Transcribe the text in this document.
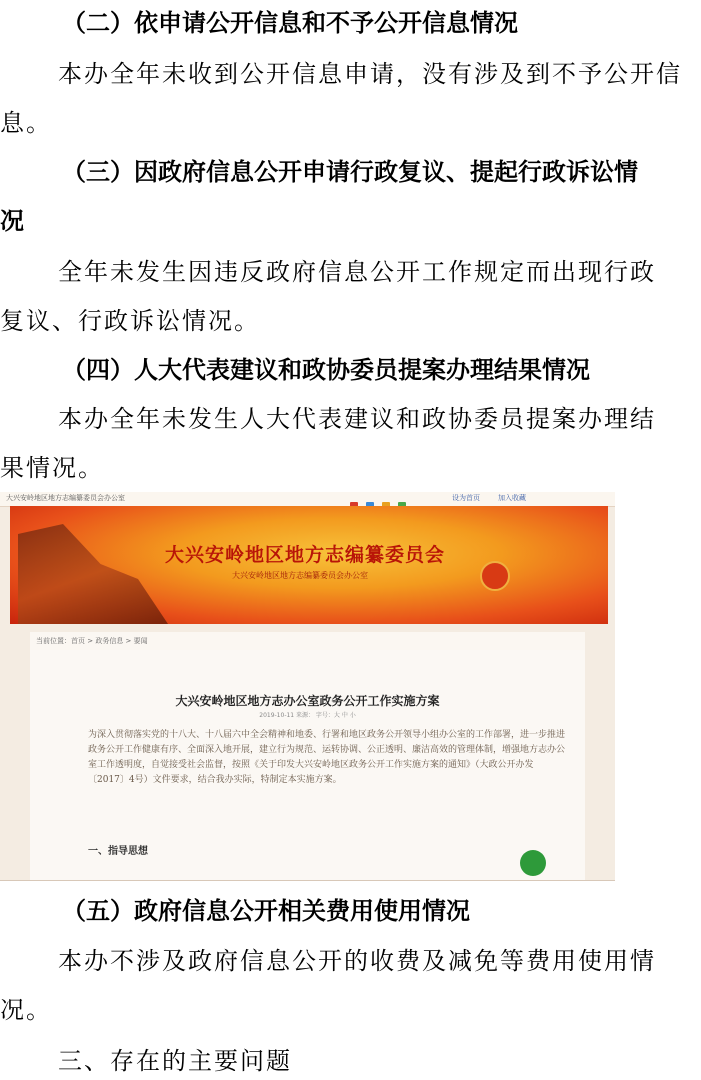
（二）依申请公开信息和不予公开信息情况
本办全年未收到公开信息申请，没有涉及到不予公开信
息。
（三）因政府信息公开申请行政复议、提起行政诉讼情
况
全年未发生因违反政府信息公开工作规定而出现行政
复议、行政诉讼情况。
（四）人大代表建议和政协委员提案办理结果情况
本办全年未发生人大代表建议和政协委员提案办理结
果情况。
大兴安岭地区地方志编纂委员会办公室
	设为首页	加入收藏
大兴安岭地区地方志编纂委员会
大兴安岭地区地方志编纂委员会办公室
当前位置：首页 > 政务信息 > 要闻
大兴安岭地区地方志办公室政务公开工作实施方案
2019-10-11 来源： 字号：大 中 小
为深入贯彻落实党的十八大、十八届六中全会精神和地委、行署和地区政务公开领导小组办公室的工作部署，进一步推进政务公开工作健康有序、全面深入地开展，建立行为规范、运转协调、公正透明、廉洁高效的管理体制，增强地方志办公室工作透明度，自觉接受社会监督，按照《关于印发大兴安岭地区政务公开工作实施方案的通知》（大政公开办发〔2017〕4号）文件要求，结合我办实际，特制定本实施方案。
一、指导思想
（五）政府信息公开相关费用使用情况
本办不涉及政府信息公开的收费及减免等费用使用情
况。
三、存在的主要问题
